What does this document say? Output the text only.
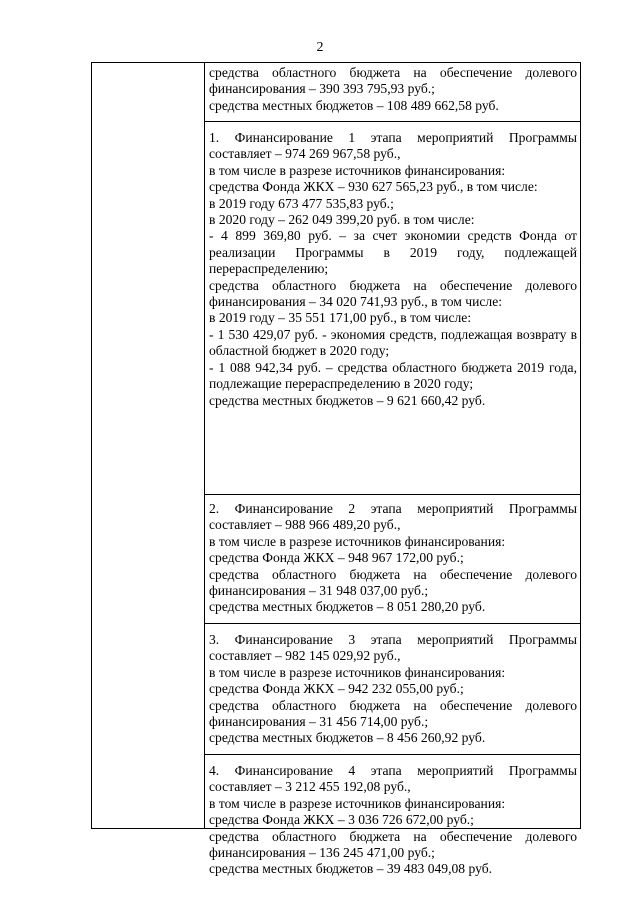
2

средства областного бюджета на обеспечение долевого финансирования – 390 393 795,93 руб.;

средства местных бюджетов – 108 489 662,58 руб.

1. Финансирование 1 этапа мероприятий Программы составляет – 974 269 967,58 руб.,

в том числе в разрезе источников финансирования:

средства Фонда ЖКХ – 930 627 565,23 руб., в том числе:

в 2019 году 673 477 535,83 руб.;

в 2020 году – 262 049 399,20 руб. в том числе:

- 4 899 369,80 руб. – за счет экономии средств Фонда от реализации Программы в 2019 году, подлежащей перераспределению;

средства областного бюджета на обеспечение долевого финансирования – 34 020 741,93 руб., в том числе:

в 2019 году – 35 551 171,00 руб., в том числе:

- 1 530 429,07 руб. - экономия средств, подлежащая возврату в областной бюджет в 2020 году;

- 1 088 942,34 руб. – средства областного бюджета 2019 года, подлежащие перераспределению в 2020 году;

средства местных бюджетов – 9 621 660,42 руб.

2. Финансирование 2 этапа мероприятий Программы составляет – 988 966 489,20 руб.,

в том числе в разрезе источников финансирования:

средства Фонда ЖКХ – 948 967 172,00 руб.;

средства областного бюджета на обеспечение долевого финансирования – 31 948 037,00 руб.;

средства местных бюджетов – 8 051 280,20 руб.

3. Финансирование 3 этапа мероприятий Программы составляет – 982 145 029,92 руб.,

в том числе в разрезе источников финансирования:

средства Фонда ЖКХ – 942 232 055,00 руб.;

средства областного бюджета на обеспечение долевого финансирования – 31 456 714,00 руб.;

средства местных бюджетов – 8 456 260,92 руб.

4. Финансирование 4 этапа мероприятий Программы составляет – 3 212 455 192,08 руб.,

в том числе в разрезе источников финансирования:

средства Фонда ЖКХ – 3 036 726 672,00 руб.;

средства областного бюджета на обеспечение долевого финансирования – 136 245 471,00 руб.;

средства местных бюджетов – 39 483 049,08 руб.
